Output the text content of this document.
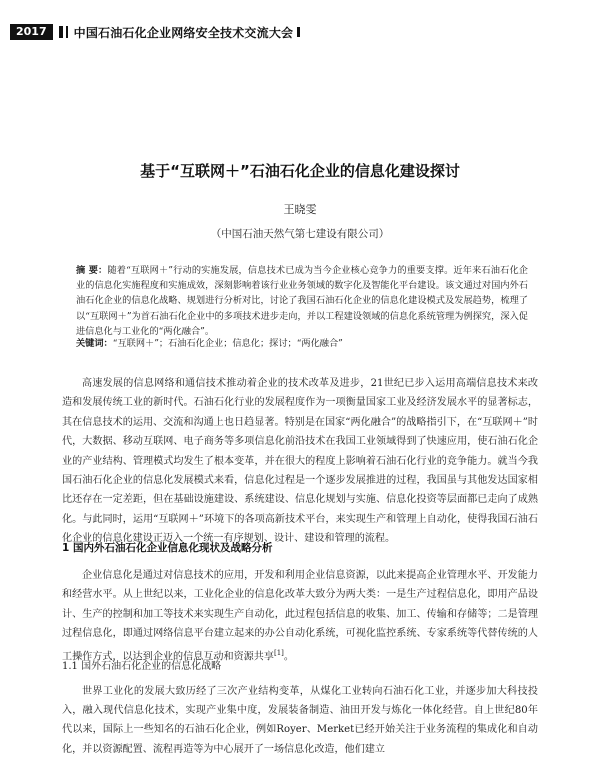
2017	中国石油石化企业网络安全技术交流大会
基于“互联网＋”石油石化企业的信息化建设探讨
王晓雯
（中国石油天然气第七建设有限公司）
摘 要：随着“互联网＋”行动的实施发展，信息技术已成为当今企业核心竞争力的重要支撑。近年来石油石化企业的信息化实施程度和实施成效，深刻影响着该行业业务领域的数字化及智能化平台建设。该文通过对国内外石油石化企业的信息化战略、规划进行分析对比，讨论了我国石油石化企业的信息化建设模式及发展趋势，梳理了以“互联网＋”为首石油石化企业中的多项技术进步走向，并以工程建设领域的信息化系统管理为例探究，深入促进信息化与工业化的“两化融合”。
关键词：“互联网＋”；石油石化企业；信息化；探讨；“两化融合”
高速发展的信息网络和通信技术推动着企业的技术改革及进步，21世纪已步入运用高端信息技术来改造和发展传统工业的新时代。石油石化行业的发展程度作为一项衡量国家工业及经济发展水平的显著标志，其在信息技术的运用、交流和沟通上也日趋显著。特别是在国家“两化融合”的战略指引下，在“互联网＋”时代，大数据、移动互联网、电子商务等多项信息化前沿技术在我国工业领域得到了快速应用，使石油石化企业的产业结构、管理模式均发生了根本变革，并在很大的程度上影响着石油石化行业的竞争能力。就当今我国石油石化企业的信息化发展模式来看，信息化过程是一个逐步发展推进的过程，我国虽与其他发达国家相比还存在一定差距，但在基础设施建设、系统建设、信息化规划与实施、信息化投资等层面都已走向了成熟化。与此同时，运用“互联网＋”环境下的各项高新技术平台，来实现生产和管理上自动化，使得我国石油石化企业的信息化建设正迈入一个统一有序规划、设计、建设和管理的流程。
1 国内外石油石化企业信息化现状及战略分析
企业信息化是通过对信息技术的应用，开发和利用企业信息资源，以此来提高企业管理水平、开发能力和经营水平。从上世纪以来，工业化企业的信息化改革大致分为两大类：一是生产过程信息化，即用产品设计、生产的控制和加工等技术来实现生产自动化，此过程包括信息的收集、加工、传输和存储等；二是管理过程信息化，即通过网络信息平台建立起来的办公自动化系统，可视化监控系统、专家系统等代替传统的人工操作方式，以达到企业的信息互动和资源共享[1]。
1.1 国外石油石化企业的信息化战略
世界工业化的发展大致历经了三次产业结构变革，从煤化工业转向石油石化工业，并逐步加大科技投入，融入现代信息化技术，实现产业集中度，发展装备制造、油田开发与炼化一体化经营。自上世纪80年代以来，国际上一些知名的石油石化企业，例如Royer、Merket已经开始关注于业务流程的集成化和自动化，并以资源配置、流程再造等为中心展开了一场信息化改造，他们建立
